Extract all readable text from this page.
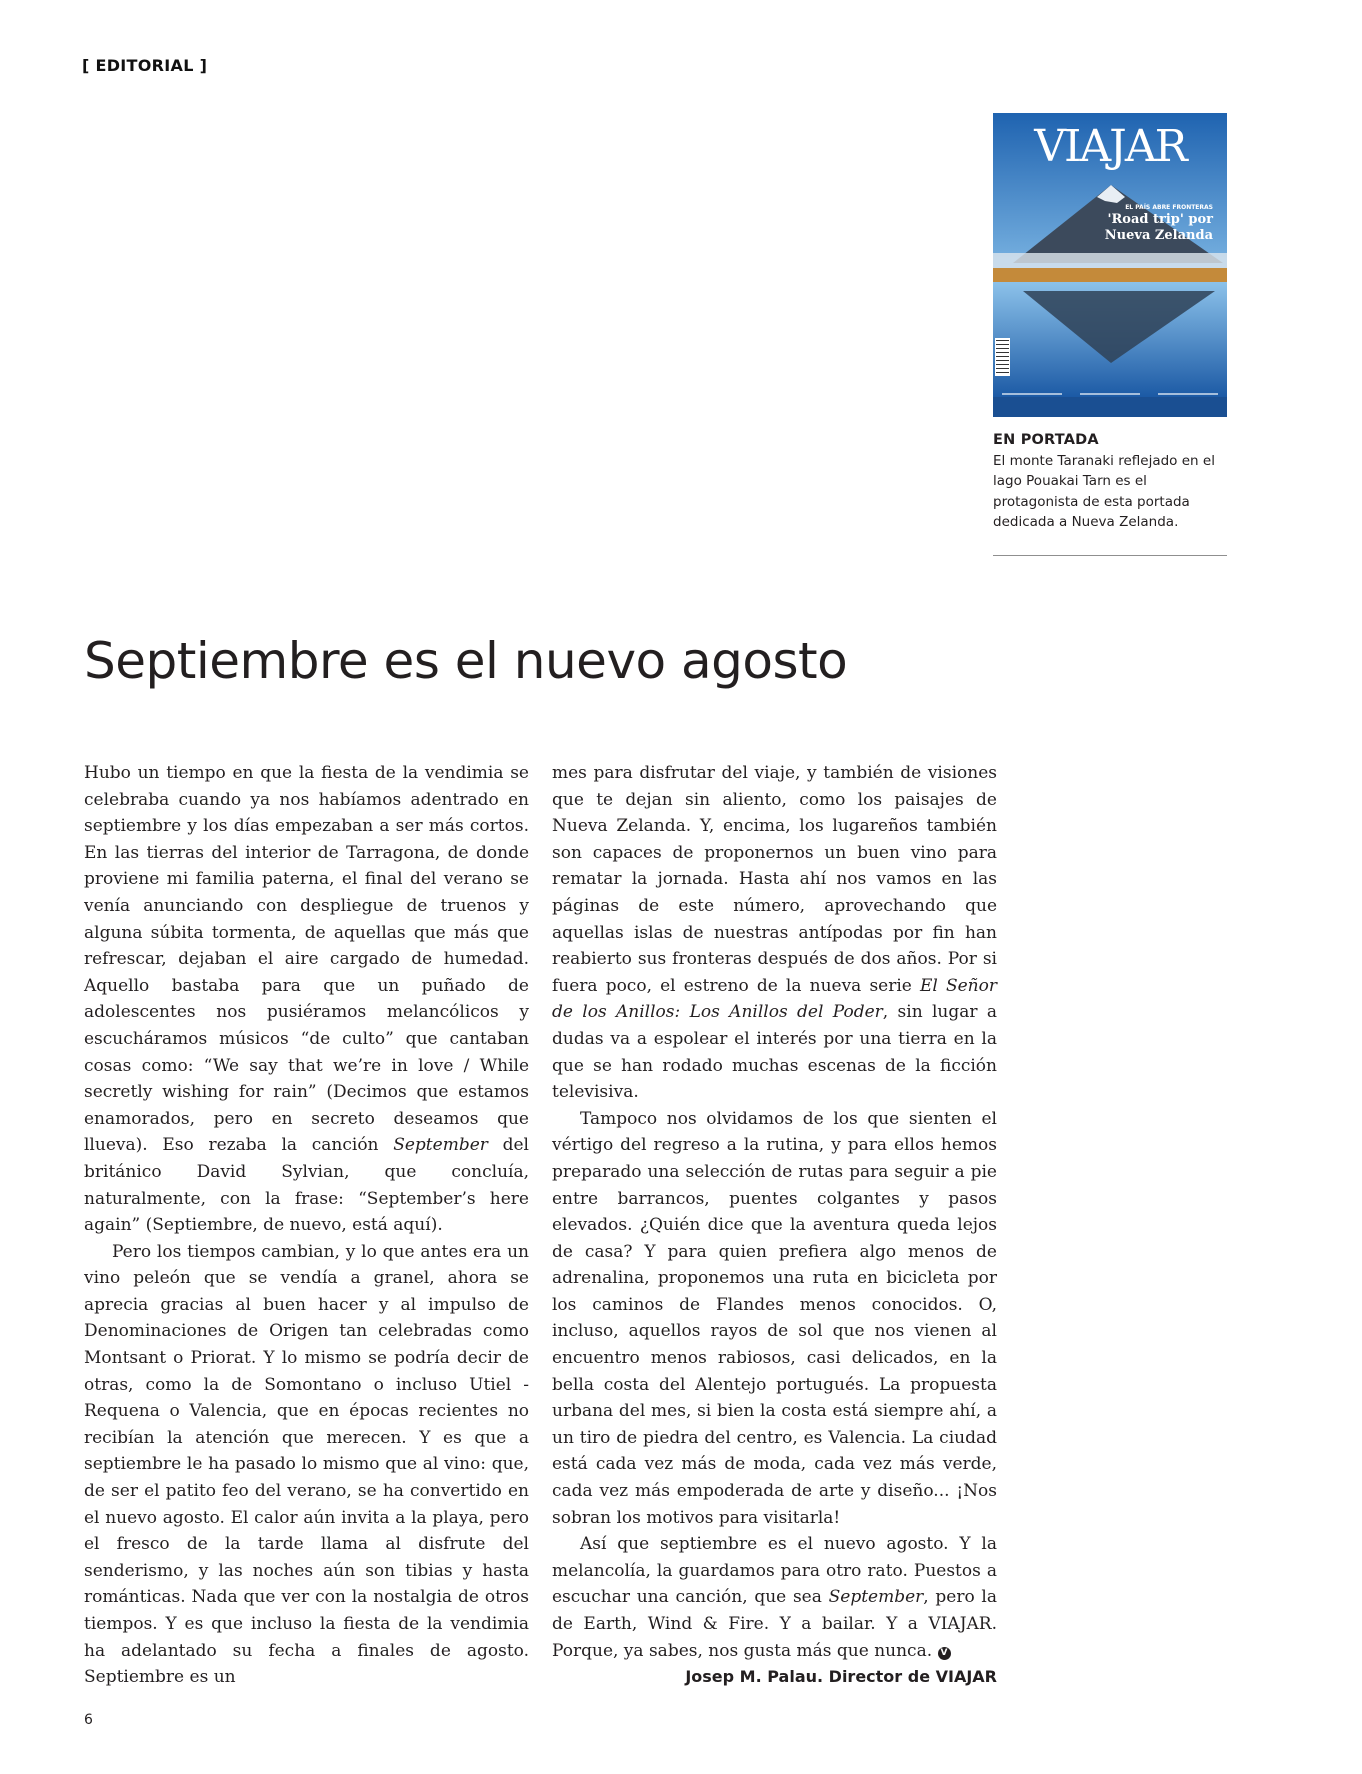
[ EDITORIAL ]
VIAJAR
EL PAÍS ABRE FRONTERAS
'Road trip' por Nueva Zelanda
EN PORTADA
El monte Taranaki reflejado en el lago Pouakai Tarn es el protagonista de esta portada dedicada a Nueva Zelanda.
Septiembre es el nuevo agosto

Hubo un tiempo en que la fiesta de la vendimia se celebraba cuando ya nos habíamos adentrado en septiembre y los días empezaban a ser más cortos. En las tierras del interior de Tarragona, de donde proviene mi familia paterna, el final del verano se venía anunciando con despliegue de truenos y alguna súbita tormenta, de aquellas que más que refrescar, dejaban el aire cargado de humedad. Aquello bastaba para que un puñado de adolescentes nos pusiéramos melancólicos y escucháramos músicos “de culto” que cantaban cosas como: “We say that we’re in love / While secretly wishing for rain” (Decimos que estamos enamorados, pero en secreto deseamos que llueva). Eso rezaba la canción September del británico David Sylvian, que concluía, naturalmente, con la frase: “September’s here again” (Septiembre, de nuevo, está aquí).

Pero los tiempos cambian, y lo que antes era un vino peleón que se vendía a granel, ahora se aprecia gracias al buen hacer y al impulso de Denominaciones de Origen tan celebradas como Montsant o Priorat. Y lo mismo se podría decir de otras, como la de Somontano o incluso Utiel - Requena o Valencia, que en épocas recientes no recibían la atención que merecen. Y es que a septiembre le ha pasado lo mismo que al vino: que, de ser el patito feo del verano, se ha convertido en el nuevo agosto. El calor aún invita a la playa, pero el fresco de la tarde llama al disfrute del senderismo, y las noches aún son tibias y hasta románticas. Nada que ver con la nostalgia de otros tiempos. Y es que incluso la fiesta de la vendimia ha adelantado su fecha a finales de agosto. Septiembre es un

mes para disfrutar del viaje, y también de visiones que te dejan sin aliento, como los paisajes de Nueva Zelanda. Y, encima, los lugareños también son capaces de proponernos un buen vino para rematar la jornada. Hasta ahí nos vamos en las páginas de este número, aprovechando que aquellas islas de nuestras antípodas por fin han reabierto sus fronteras después de dos años. Por si fuera poco, el estreno de la nueva serie El Señor de los Anillos: Los Anillos del Poder, sin lugar a dudas va a espolear el interés por una tierra en la que se han rodado muchas escenas de la ficción televisiva.

Tampoco nos olvidamos de los que sienten el vértigo del regreso a la rutina, y para ellos hemos preparado una selección de rutas para seguir a pie entre barrancos, puentes colgantes y pasos elevados. ¿Quién dice que la aventura queda lejos de casa? Y para quien prefiera algo menos de adrenalina, proponemos una ruta en bicicleta por los caminos de Flandes menos conocidos. O, incluso, aquellos rayos de sol que nos vienen al encuentro menos rabiosos, casi delicados, en la bella costa del Alentejo portugués. La propuesta urbana del mes, si bien la costa está siempre ahí, a un tiro de piedra del centro, es Valencia. La ciudad está cada vez más de moda, cada vez más verde, cada vez más empoderada de arte y diseño... ¡Nos sobran los motivos para visitarla!

Así que septiembre es el nuevo agosto. Y la melancolía, la guardamos para otro rato. Puestos a escuchar una canción, que sea September, pero la de Earth, Wind & Fire. Y a bailar. Y a VIAJAR. Porque, ya sabes, nos gusta más que nunca. V

Josep M. Palau. Director de VIAJAR

6
